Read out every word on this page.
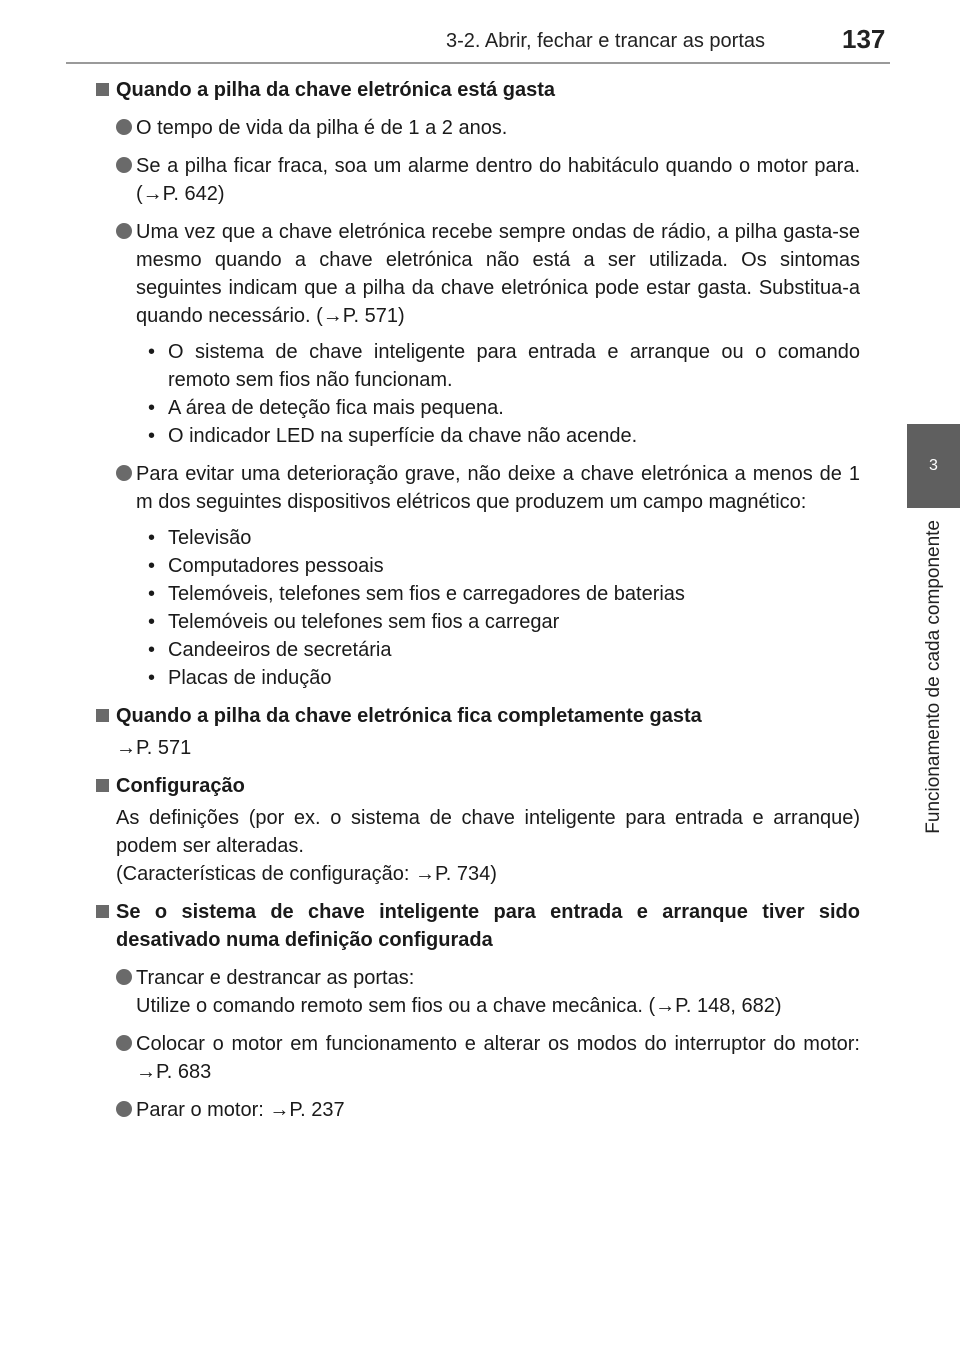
3-2. Abrir, fechar e trancar as portas	137
3
Funcionamento de cada componente
Quando a pilha da chave eletrónica está gasta
O tempo de vida da pilha é de 1 a 2 anos.
Se a pilha ficar fraca, soa um alarme dentro do habitáculo quando o motor para. (→P. 642)
Uma vez que a chave eletrónica recebe sempre ondas de rádio, a pilha gasta-se mesmo quando a chave eletrónica não está a ser utilizada. Os sintomas seguintes indicam que a pilha da chave eletrónica pode estar gasta. Substitua-a quando necessário. (→P. 571)
• O sistema de chave inteligente para entrada e arranque ou o comando remoto sem fios não funcionam.
• A área de deteção fica mais pequena.
• O indicador LED na superfície da chave não acende.
Para evitar uma deterioração grave, não deixe a chave eletrónica a menos de 1 m dos seguintes dispositivos elétricos que produzem um campo magnético:
• Televisão
• Computadores pessoais
• Telemóveis, telefones sem fios e carregadores de baterias
• Telemóveis ou telefones sem fios a carregar
• Candeeiros de secretária
• Placas de indução
Quando a pilha da chave eletrónica fica completamente gasta
→P. 571
Configuração
As definições (por ex. o sistema de chave inteligente para entrada e arranque) podem ser alteradas.
(Características de configuração: →P. 734)
Se o sistema de chave inteligente para entrada e arranque tiver sido desativado numa definição configurada
Trancar e destrancar as portas:
Utilize o comando remoto sem fios ou a chave mecânica. (→P. 148, 682)
Colocar o motor em funcionamento e alterar os modos do interruptor do motor: →P. 683
Parar o motor: →P. 237
